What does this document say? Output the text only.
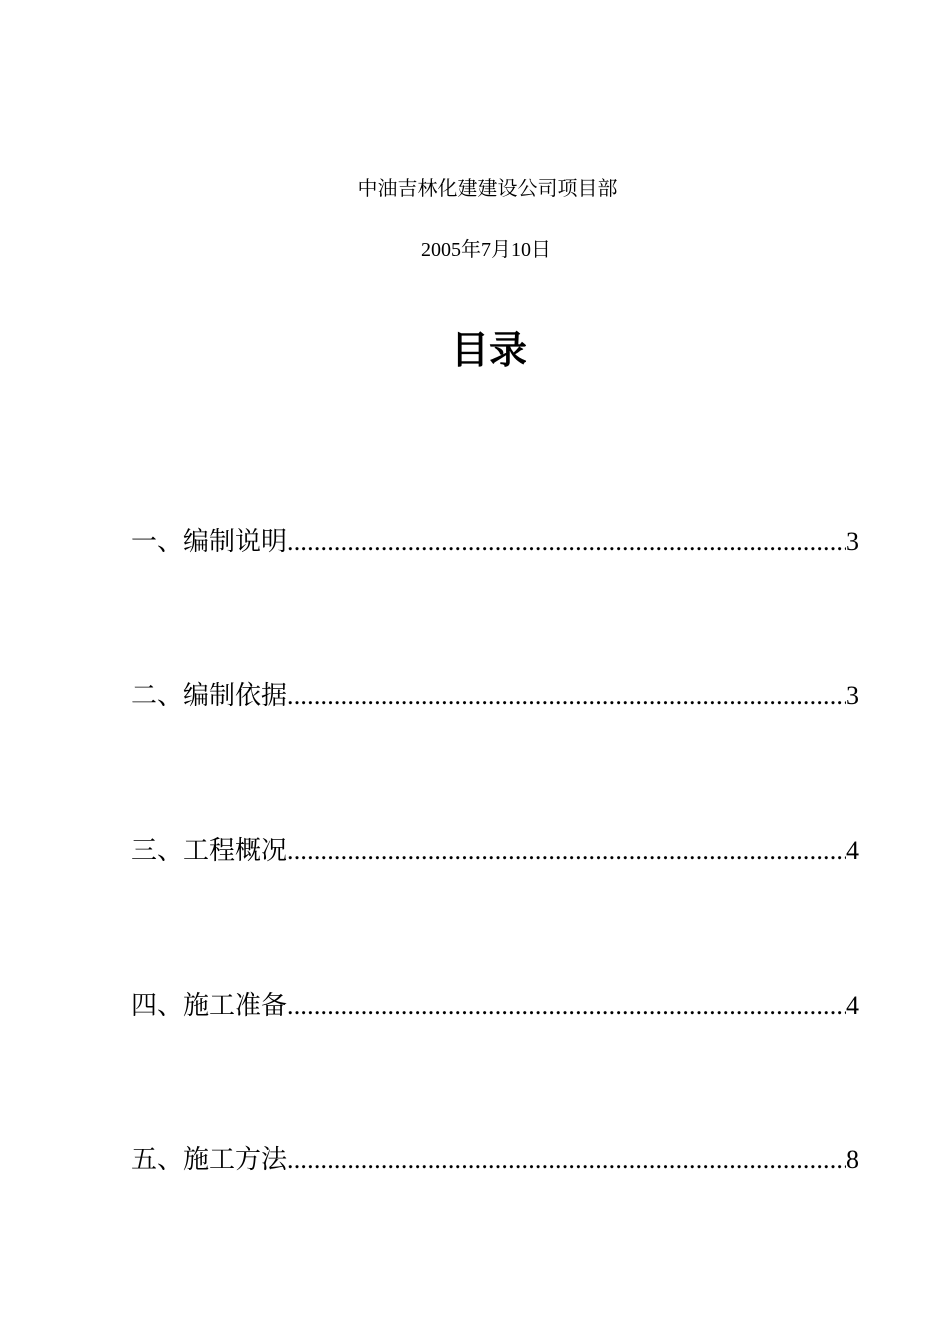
中油吉林化建建设公司项目部
2005年7月10日
目录
一、编制说明 .....	3
二、编制依据 .....	3
三、工程概况 .....	4
四、施工准备 .....	4
五、施工方法 .....	8
